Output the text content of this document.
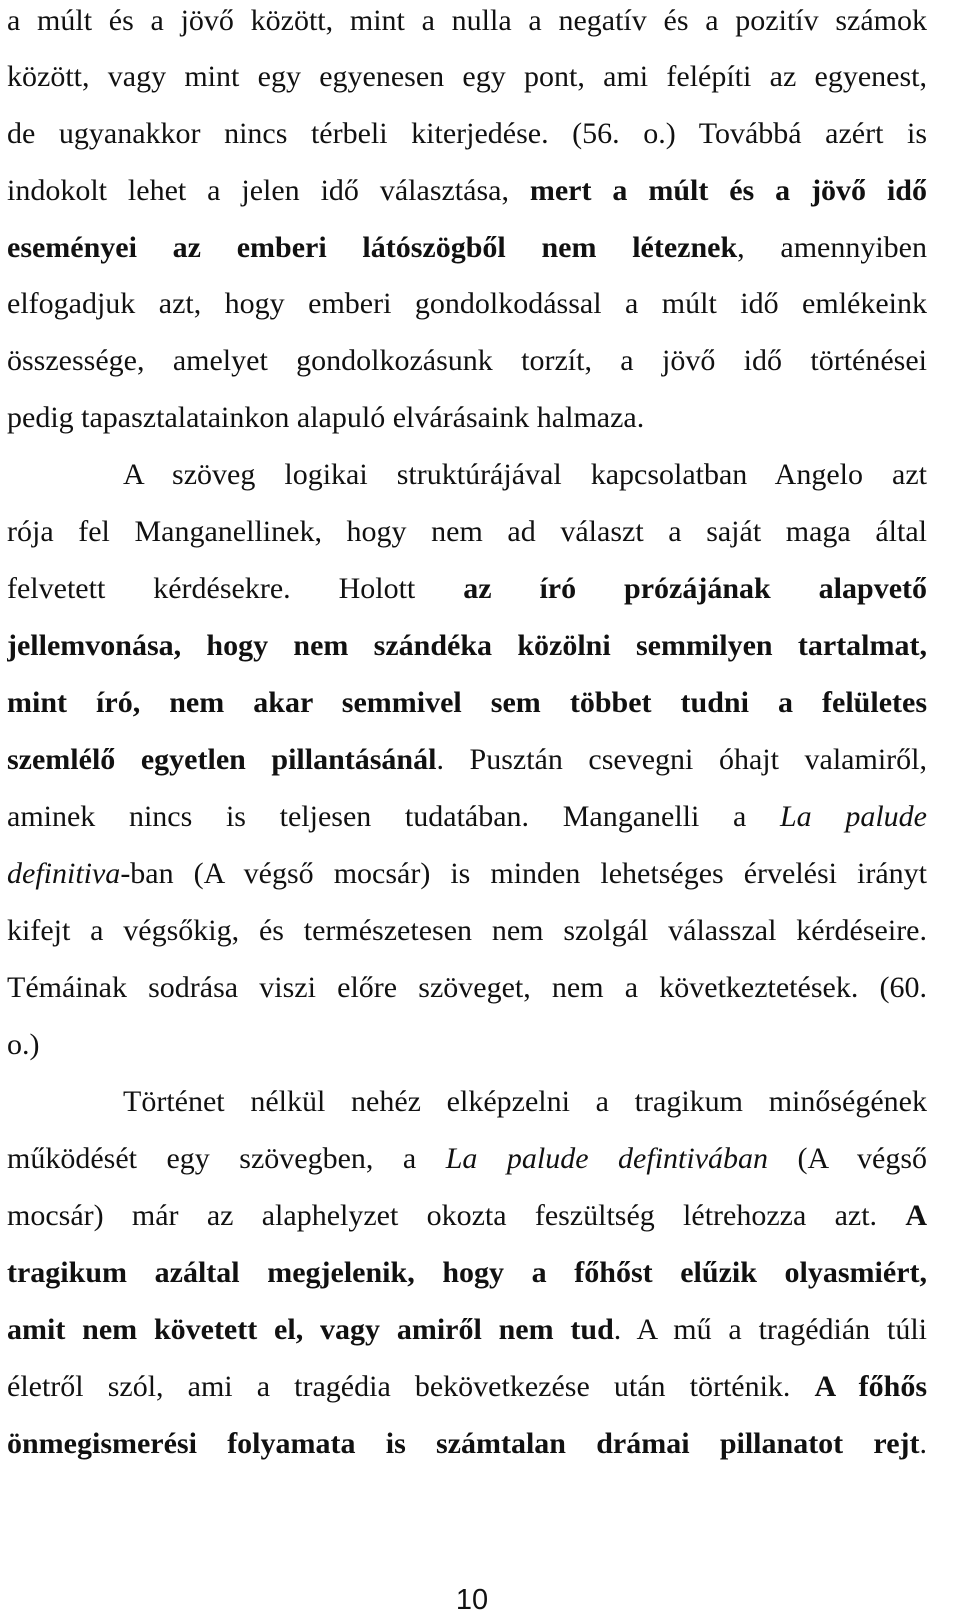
a múlt és a jövő között, mint a nulla a negatív és a pozitív számok
között, vagy mint egy egyenesen egy pont, ami felépíti az egyenest,
de ugyanakkor nincs térbeli kiterjedése. (56. o.) Továbbá azért is
indokolt lehet a jelen idő választása, mert a múlt és a jövő idő
eseményei az emberi látószögből nem léteznek, amennyiben
elfogadjuk azt, hogy emberi gondolkodással a múlt idő emlékeink
összessége, amelyet gondolkozásunk torzít, a jövő idő történései
pedig tapasztalatainkon alapuló elvárásaink halmaza.
A szöveg logikai struktúrájával kapcsolatban Angelo azt
rója fel Manganellinek, hogy nem ad választ a saját maga által
felvetett kérdésekre. Holott az író prózájának alapvető
jellemvonása, hogy nem szándéka közölni semmilyen tartalmat,
mint író, nem akar semmivel sem többet tudni a felületes
szemlélő egyetlen pillantásánál. Pusztán csevegni óhajt valamiről,
aminek nincs is teljesen tudatában. Manganelli a La palude
definitiva-ban (A végső mocsár) is minden lehetséges érvelési irányt
kifejt a végsőkig, és természetesen nem szolgál válasszal kérdéseire.
Témáinak sodrása viszi előre szöveget, nem a következtetések. (60.
o.)
Történet nélkül nehéz elképzelni a tragikum minőségének
működését egy szövegben, a La palude defintivában (A végső
mocsár) már az alaphelyzet okozta feszültség létrehozza azt. A
tragikum azáltal megjelenik, hogy a főhőst elűzik olyasmiért,
amit nem követett el, vagy amiről nem tud. A mű a tragédián túli
életről szól, ami a tragédia bekövetkezése után történik. A főhős
önmegismerési folyamata is számtalan drámai pillanatot rejt.
10
